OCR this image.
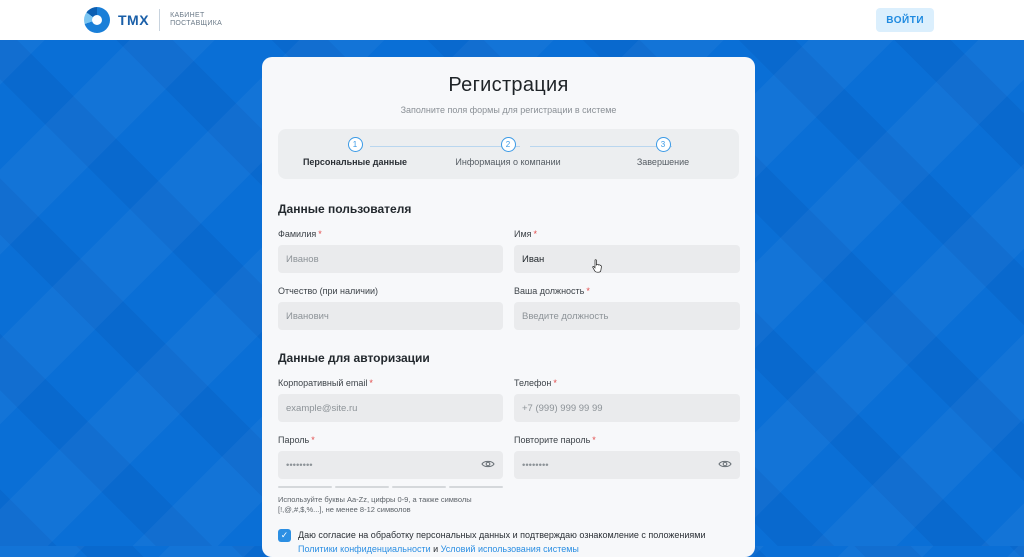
ТМХ	КАБИНЕТ ПОСТАВЩИКА	ВОЙТИ
Регистрация
Заполните поля формы для регистрации в системе
1
Персональные данные
2
Информация о компании
3
Завершение
Данные пользователя
Фамилия *
Иванов
Имя *
Иван
Отчество (при наличии)
Иванович
Ваша должность *
Введите должность
Данные для авторизации
Корпоративный email *
example@site.ru
Телефон *
+7 (999) 999 99 99
Пароль *
••••••••
Используйте буквы Aa-Zz, цифры 0-9, а также символы [!,@,#,$,%...], не менее 8-12 символов
Повторите пароль *
••••••••
✓	Даю согласие на обработку персональных данных и подтверждаю ознакомление с положениями
Политики конфиденциальности и Условий использования системы
